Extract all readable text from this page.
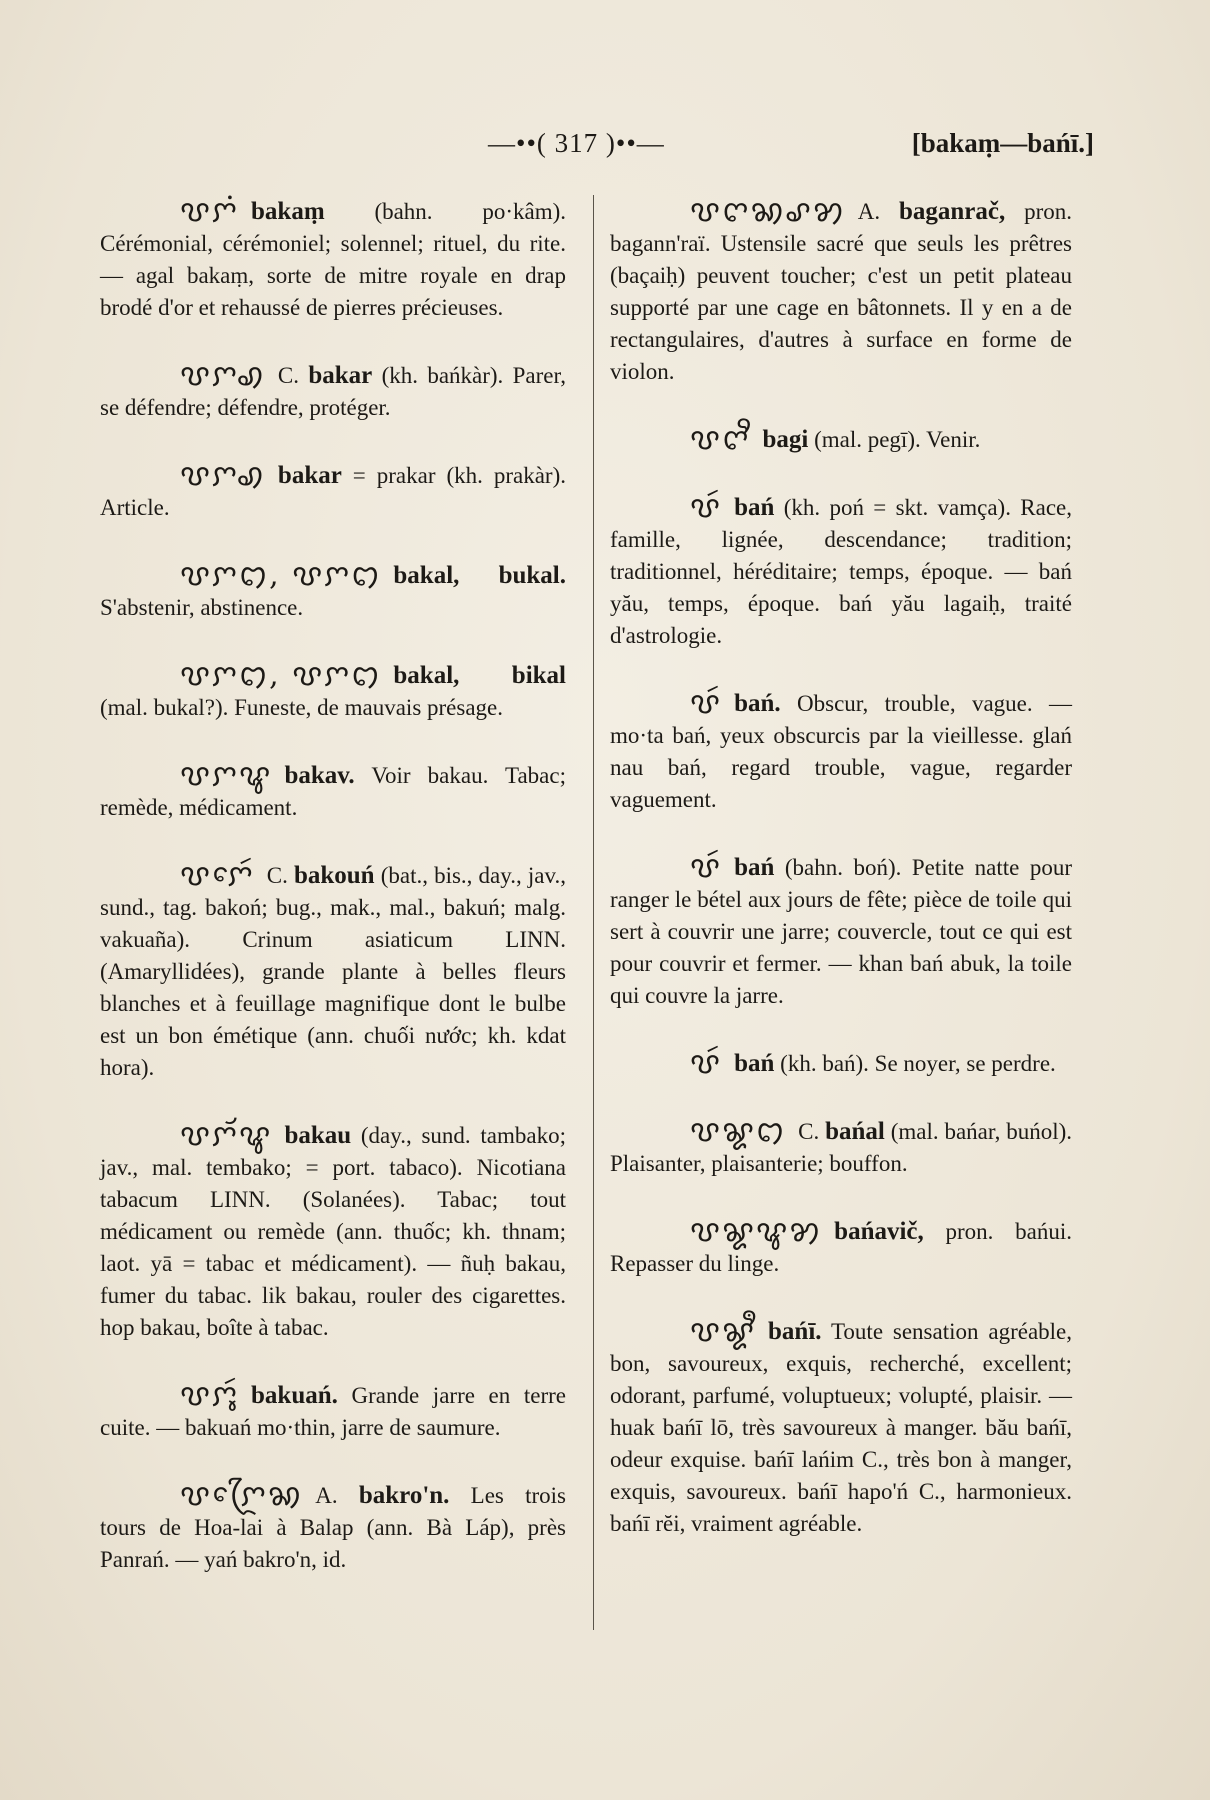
—••( 317 )••—	[bakaṃ—bańī.]

ꨝꨆꩌ bakaṃ (bahn. po·kâm). Cérémonial, cérémoniel; solennel; rituel, du rite. — agal bakaṃ, sorte de mitre royale en drap brodé d'or et rehaussé de pierres précieuses.

ꨝꨆꩉ C. bakar (kh. bańkàr). Parer, se défendre; défendre, protéger.

ꨝꨆꩉ bakar = prakar (kh. prakàr). Article.

ꨝꨆꩊ, ꨝꨆꩊ bakal, bukal. S'abstenir, abstinence.

ꨝꨆꩊ, ꨝꨆꩊ bakal, bikal (mal. bukal?). Funeste, de mauvais présage.

ꨝꨆꨥ bakav. Voir bakau. Tabac; remède, médicament.

ꨝꨆꨯꩃ C. bakouń (bat., bis., day., jav., sund., tag. bakoń; bug., mak., mal., bakuń; malg. vakuaña). Crinum asiaticum LINN. (Amaryllidées), grande plante à belles fleurs blanches et à feuillage magnifique dont le bulbe est un bon émétique (ann. chuối nước; kh. kdat hora).

ꨝꨆꨮꨥ bakau (day., sund. tambako; jav., mal. tembako; = port. tabaco). Nicotiana tabacum LINN. (Solanées). Tabac; tout médicament ou remède (ann. thuốc; kh. thnam; laot. yā = tabac et médicament). — ñuḥ bakau, fumer du tabac. lik bakau, rouler des cigarettes. hop bakau, boîte à tabac.

ꨝꨆꨶꩃ bakuań. Grande jarre en terre cuite. — bakuań mo·thin, jarre de saumure.

ꨝꨆꨴꨯꩆ A. bakro'n. Les trois tours de Hoa-lai à Balap (ann. Bà Láp), près Panrań. — yań bakro'n, id.

ꨝꨈꩆꨣꩄ A. baganrač, pron. bagann'raï. Ustensile sacré que seuls les prêtres (baçaiḥ) peuvent toucher; c'est un petit plateau supporté par une cage en bâtonnets. Il y en a de rectangulaires, d'autres à surface en forme de violon.

ꨝꨈꨪ bagi (mal. pegī). Venir.

ꨝꩃ bań (kh. poń = skt. vamça). Race, famille, lignée, descendance; tradition; traditionnel, héréditaire; temps, époque. — bań yău, temps, époque. bań yău lagaiḥ, traité d'astrologie.

ꨝꩃ bań. Obscur, trouble, vague. — mo·ta bań, yeux obscurcis par la vieillesse. glań nau bań, regard trouble, vague, regarder vaguement.

ꨝꩃ bań (bahn. boń). Petite natte pour ranger le bétel aux jours de fête; pièce de toile qui sert à couvrir une jarre; couvercle, tout ce qui est pour couvrir et fermer. — khan bań abuk, la toile qui couvre la jarre.

ꨝꩃ bań (kh. bań). Se noyer, se perdre.

ꨝꨘꩊ C. bańal (mal. bańar, buńol). Plaisanter, plaisanterie; bouffon.

ꨝꨘꨥꩄ bańavič, pron. bańui. Repasser du linge.

ꨝꨘꨫ bańī. Toute sensation agréable, bon, savoureux, exquis, recherché, excellent; odorant, parfumé, voluptueux; volupté, plaisir. — huak bańī lō, très savoureux à manger. bău bańī, odeur exquise. bańī lańim C., très bon à manger, exquis, savoureux. bańī hapo'ń C., harmonieux. bańī rĕi, vraiment agréable.
